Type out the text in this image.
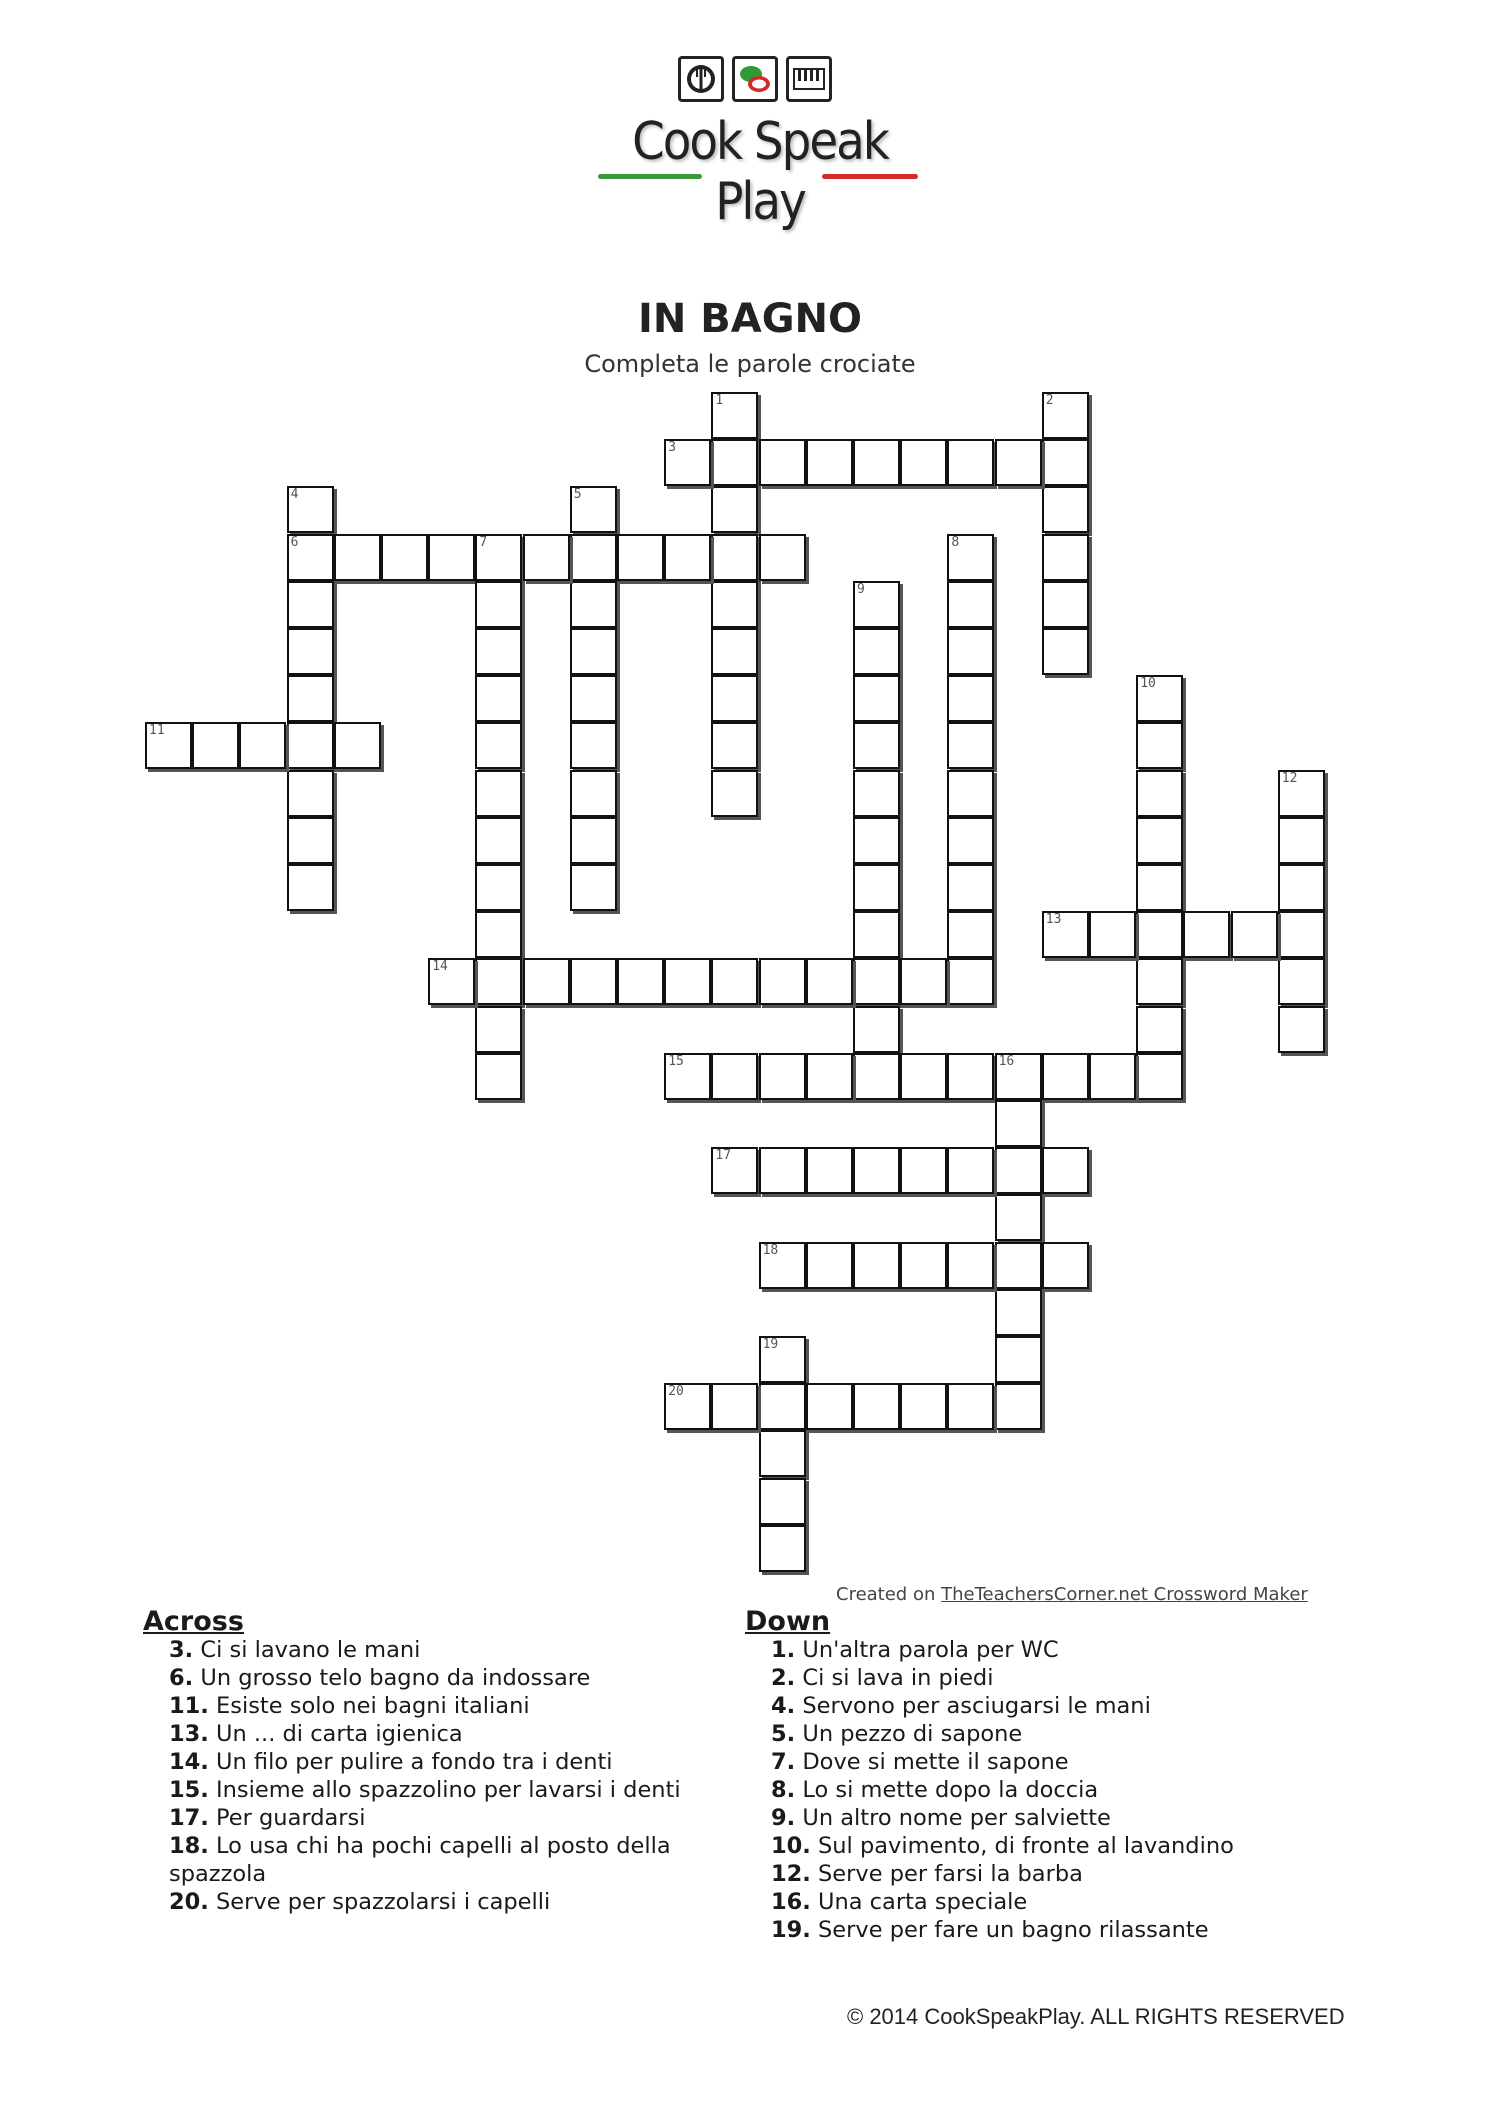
Cook Speak Play
IN BAGNO
Completa le parole crociate
1	2
3
4
6
5
7	8
9
10
11
12
13
14
15	16
17
18
19
20
Created on TheTeachersCorner.net Crossword Maker
Across
3. Ci si lavano le mani
6. Un grosso telo bagno da indossare
11. Esiste solo nei bagni italiani
13. Un ... di carta igienica
14. Un filo per pulire a fondo tra i denti
15. Insieme allo spazzolino per lavarsi i denti
17. Per guardarsi
18. Lo usa chi ha pochi capelli al posto della
spazzola
20. Serve per spazzolarsi i capelli
Down
1. Un'altra parola per WC
2. Ci si lava in piedi
4. Servono per asciugarsi le mani
5. Un pezzo di sapone
7. Dove si mette il sapone
8. Lo si mette dopo la doccia
9. Un altro nome per salviette
10. Sul pavimento, di fronte al lavandino
12. Serve per farsi la barba
16. Una carta speciale
19. Serve per fare un bagno rilassante
© 2014 CookSpeakPlay. ALL RIGHTS RESERVED
